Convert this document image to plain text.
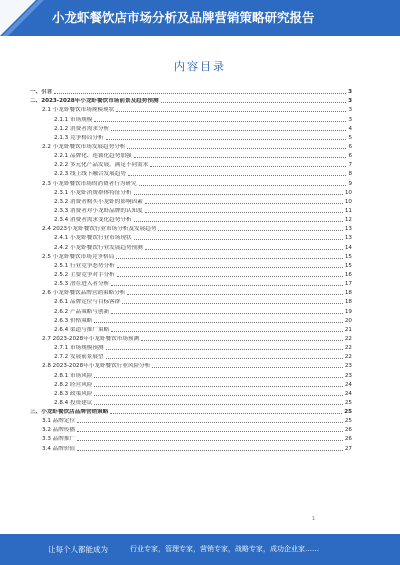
小龙虾餐饮店市场分析及品牌营销策略研究报告
内容目录
一、引言	3
二、2023-2028年小龙虾餐饮市场前景及趋势预测	3
2.1 小龙虾餐饮市场规模现状	3
2.1.1 市场规模	3
2.1.2 消费者需求分析	4
2.1.3 竞争格局分析	5
2.2 小龙虾餐饮市场发展趋势分析	6
2.2.1 品牌化、连锁化趋势加强	6
2.2.2 多元化产品发展，满足不同需求	7
2.2.3 线上线下融合发展趋势	8
2.3 小龙虾餐饮市场的消费者行为研究	9
2.3.1 小龙虾消费群体特征分析	10
2.3.2 消费者购买小龙虾的影响因素	10
2.3.3 消费者对小龙虾品牌的认知度	11
2.3.4 消费者需求变化趋势分析	12
2.4 2023小龙虾餐饮行业市场分析及发展趋势	13
2.4.1 小龙虾餐饮行业市场现状	13
2.4.2 小龙虾餐饮行业发展趋势预测	14
2.5 小龙虾餐饮市场竞争格局	15
2.5.1 行业竞争态势分析	15
2.5.2 主要竞争对手分析	16
2.5.3 潜在进入者分析	17
2.6 小龙虾餐饮品牌营销策略分析	18
2.6.1 品牌定位与目标客群	18
2.6.2 产品策略与创新	19
2.6.3 价格策略	20
2.6.4 渠道与推广策略	21
2.7 2023-2028年小龙虾餐饮市场预测	22
2.7.1 市场规模预测	22
2.7.2 发展前景展望	22
2.8 2023-2028年小龙虾餐饮行业风险分析	23
2.8.1 市场风险	23
2.8.2 经营风险	24
2.8.3 政策风险	24
2.8.4 投资建议	25
三、小龙虾餐饮店品牌营销策略	25
3.1 品牌定位	25
3.2 品牌传播	26
3.3 品牌推广	26
3.4 品牌价值	27
1
让每个人都能成为	行业专家，管理专家，营销专家，战略专家，成功企业家……
